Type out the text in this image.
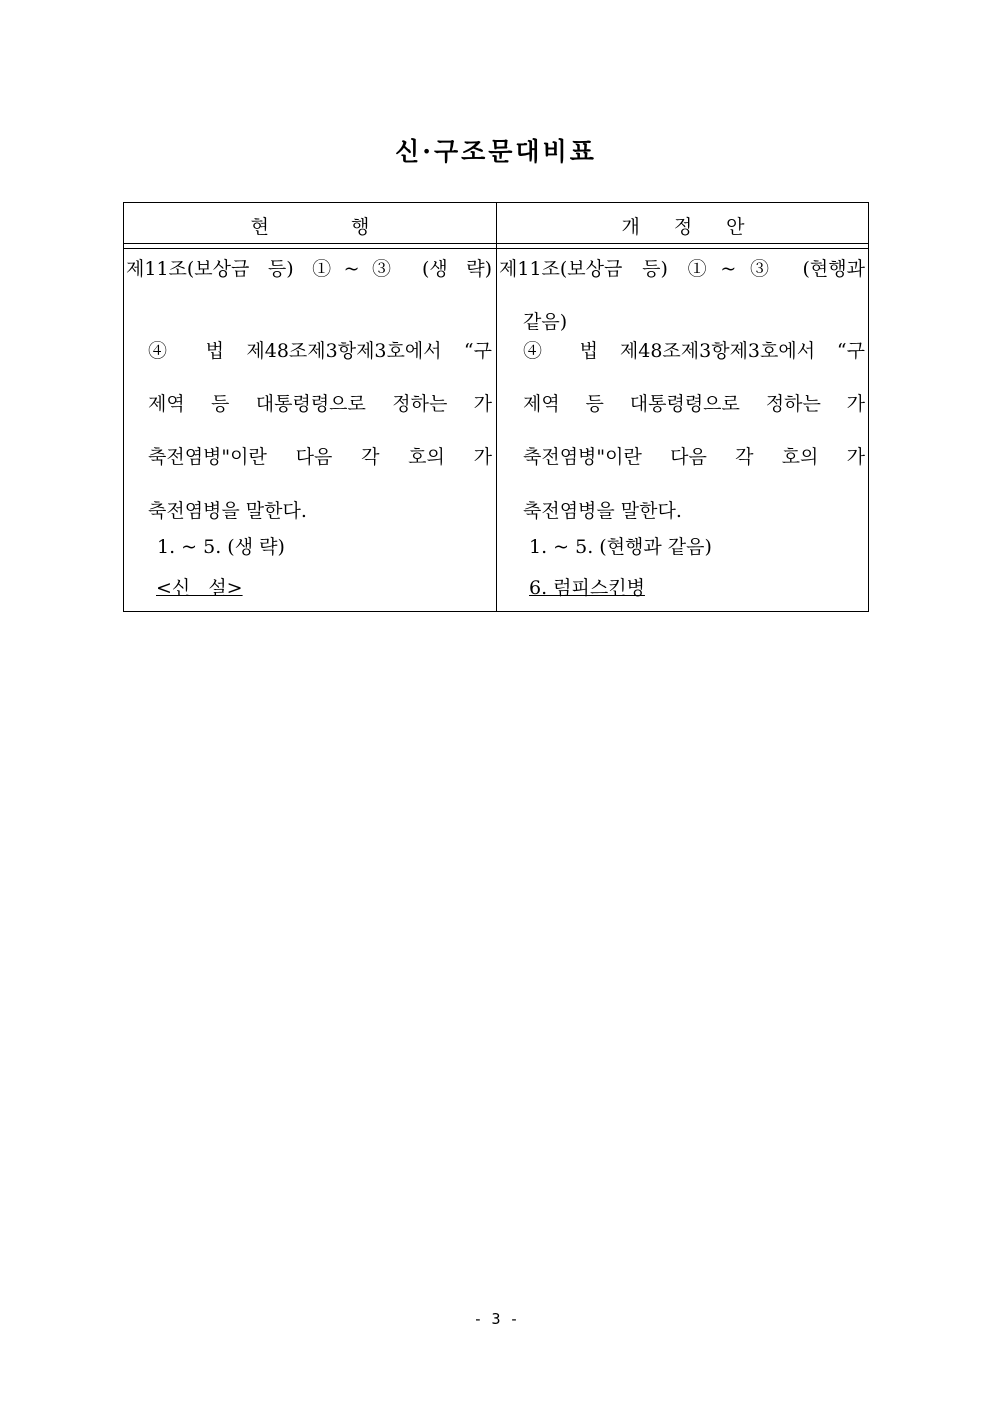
신·구조문대비표
현행	개정안
제11조(보상금 등) ①~③ (생 략)
④ 법 제48조제3항제3호에서 “구
제역 등 대통령령으로 정하는 가
축전염병"이란 다음 각 호의 가
축전염병을 말한다.
1. ~ 5. (생 략)
<신 설>
제11조(보상금 등) ①~③ (현행과
같음)
④ 법 제48조제3항제3호에서 “구
제역 등 대통령령으로 정하는 가
축전염병"이란 다음 각 호의 가
축전염병을 말한다.
1. ~ 5. (현행과 같음)
6. 럼피스킨병
- 3 -
